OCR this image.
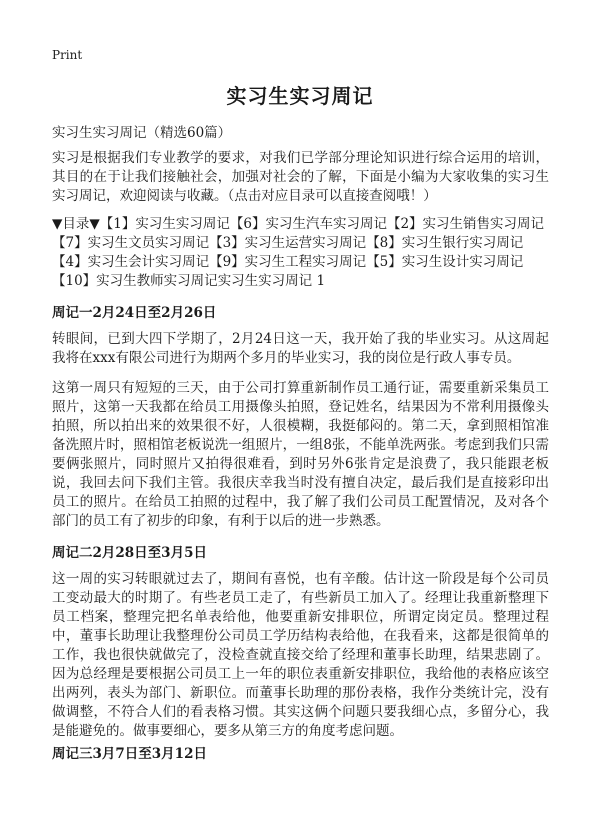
Print
实习生实习周记
实习生实习周记（精选60篇）

实习是根据我们专业教学的要求，对我们已学部分理论知识进行综合运用的培训，其目的在于让我们接触社会，加强对社会的了解，下面是小编为大家收集的实习生实习周记，欢迎阅读与收藏。（点击对应目录可以直接查阅哦！）

▼目录▼【1】实习生实习周记【6】实习生汽车实习周记【2】实习生销售实习周记【7】实习生文员实习周记【3】实习生运营实习周记【8】实习生银行实习周记【4】实习生会计实习周记【9】实习生工程实习周记【5】实习生设计实习周记【10】实习生教师实习周记实习生实习周记 1

周记一2月24日至2月26日

转眼间，已到大四下学期了，2月24日这一天，我开始了我的毕业实习。从这周起我将在xxx有限公司进行为期两个多月的毕业实习，我的岗位是行政人事专员。

这第一周只有短短的三天，由于公司打算重新制作员工通行证，需要重新采集员工照片，这第一天我都在给员工用摄像头拍照，登记姓名，结果因为不常利用摄像头拍照，所以拍出来的效果很不好，人很模糊，我挺郁闷的。第二天，拿到照相馆准备洗照片时，照相馆老板说洗一组照片，一组8张，不能单洗两张。考虑到我们只需要俩张照片，同时照片又拍得很难看，到时另外6张肯定是浪费了，我只能跟老板说，我回去问下我们主管。我很庆幸我当时没有擅自决定，最后我们是直接彩印出员工的照片。在给员工拍照的过程中，我了解了我们公司员工配置情况，及对各个部门的员工有了初步的印象，有利于以后的进一步熟悉。

周记二2月28日至3月5日

这一周的实习转眼就过去了，期间有喜悦，也有辛酸。估计这一阶段是每个公司员工变动最大的时期了。有些老员工走了，有些新员工加入了。经理让我重新整理下员工档案，整理完把名单表给他，他要重新安排职位，所谓定岗定员。整理过程中，董事长助理让我整理份公司员工学历结构表给他，在我看来，这都是很简单的工作，我也很快就做完了，没检查就直接交给了经理和董事长助理，结果悲剧了。因为总经理是要根据公司员工上一年的职位表重新安排职位，我给他的表格应该空出两列，表头为部门、新职位。而董事长助理的那份表格，我作分类统计完，没有做调整，不符合人们的看表格习惯。其实这俩个问题只要我细心点，多留分心，我是能避免的。做事要细心，要多从第三方的角度考虑问题。

周记三3月7日至3月12日
